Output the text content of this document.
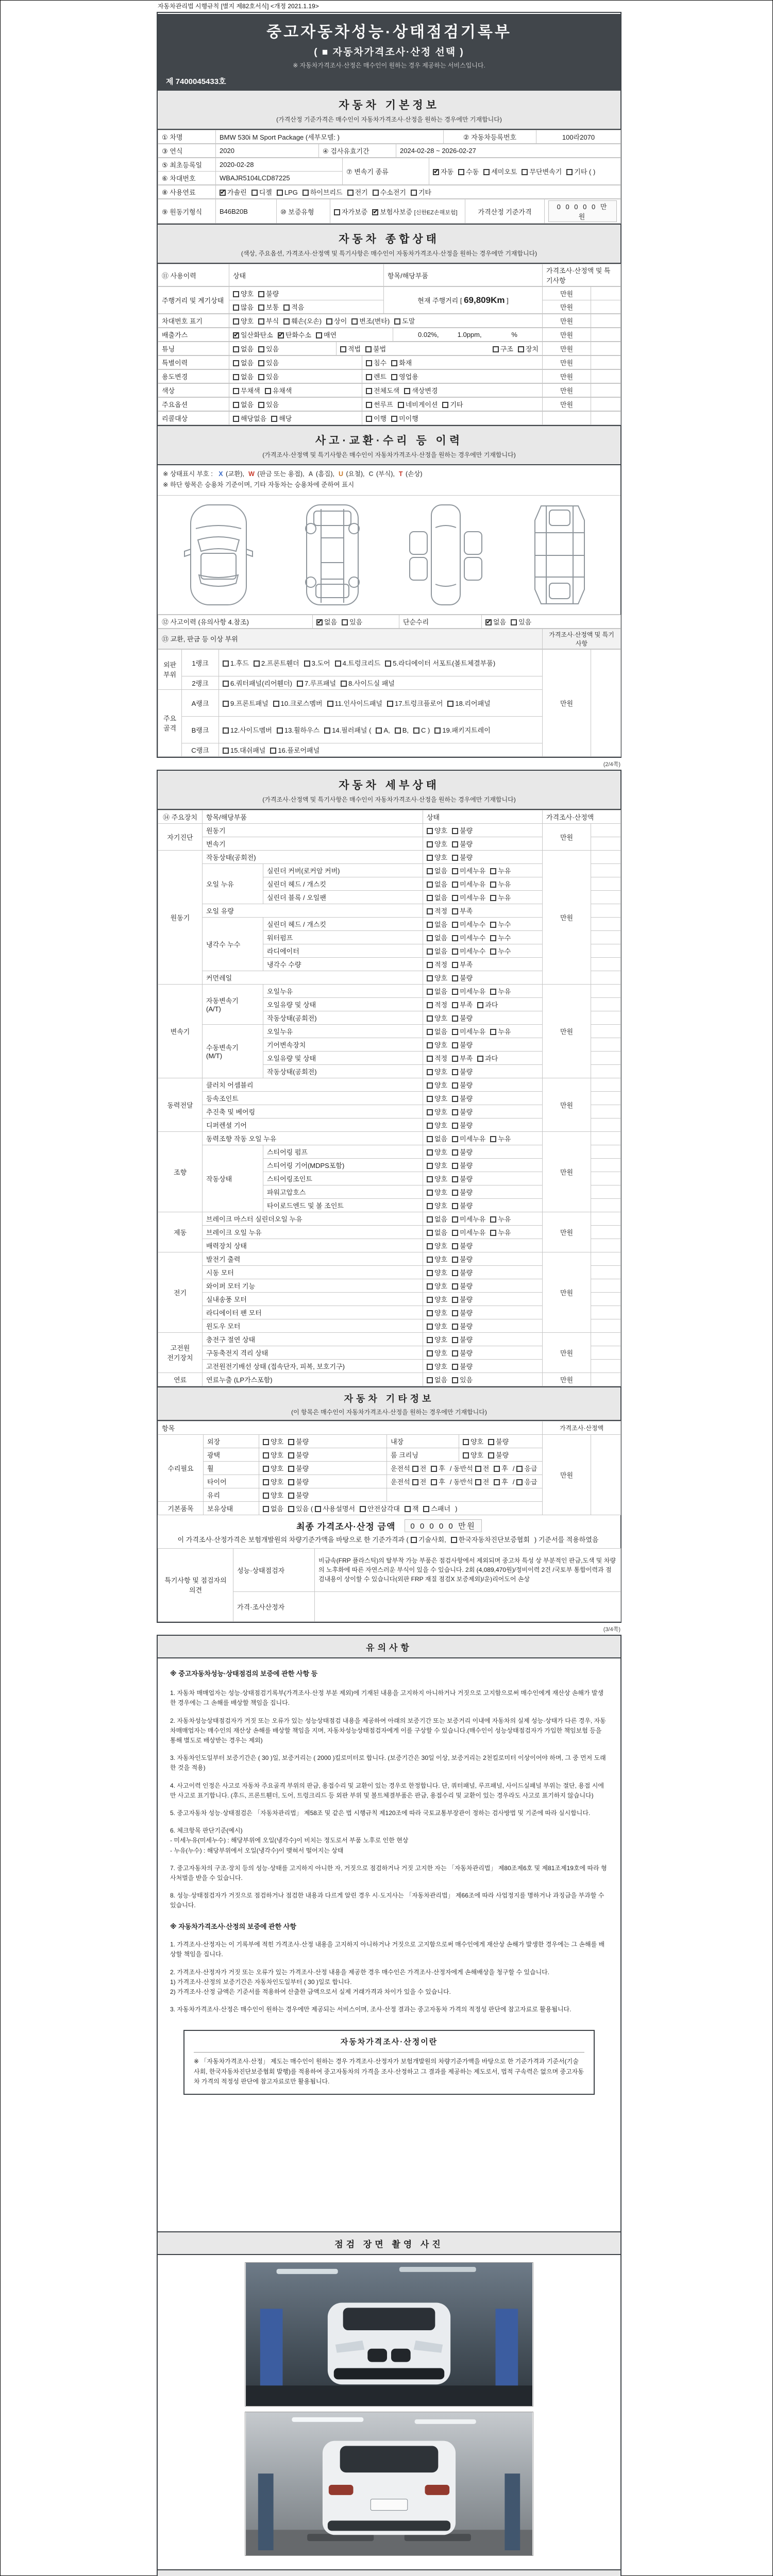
자동차관리법 시행규칙 [별지 제82호서식] <개정 2021.1.19>
중고자동차성능·상태점검기록부
( ■ 자동차가격조사·산정 선택 )
※ 자동차가격조사·산정은 매수인이 원하는 경우 제공하는 서비스입니다.
제 7400045433호
자동차 기본정보
(가격산정 기준가격은 매수인이 자동차가격조사·산정을 원하는 경우에만 기재합니다)
① 차명	BMW 530i M Sport Package (세부모델: )	② 자동차등록번호	100라2070
③ 연식	2020	④ 검사유효기간	2024-02-28 ~ 2026-02-27
⑤ 최초등록일	2020-02-28	⑦ 변속기 종류	✔자동 수동 세미오토 무단변속기 기타 ( )
⑥ 차대번호	WBAJR5104LCD87225		
⑧ 사용연료	✔가솔린 디젤 LPG 하이브리드 전기 수소전기 기타
⑨ 원동기형식	B46B20B	⑩ 보증유형	자가보증 ✔ 보험사보증 [신한EZ손해보험]	가격산정 기준가격	0 0 0 0 0 만원
자동차 종합상태
(색상, 주요옵션, 가격조사·산정액 및 특기사항은 매수인이 자동차가격조사·산정을 원하는 경우에만 기재합니다)
⑪ 사용이력	상태	항목/해당부품	가격조사·산정액 및 특기사항
주행거리 및 계기상태	양호 불량	현재 주행거리 [ 69,809Km ]	만원	
	많음 보통 적음		만원	
차대번호 표기	양호 부식 훼손(오손) 상이 변조(변타) 도말	만원	
배출가스	✔일산화탄소 ✔ 탄화수소 매연	0.02%,          1.0ppm,                %	만원	
튜닝	없음 있음	적법 불법	구조 장치	만원	
특별이력	없음 있음	침수 화재	만원	
용도변경	없음 있음	렌트 영업용	만원	
색상	무채색 유채색	전체도색 색상변경	만원	
주요옵션	없음 있음	썬루프 네비게이션 기타	만원	
리콜대상	해당없음 해당	이행 미이행		
사고·교환·수리 등 이력
(가격조사·산정액 및 특기사항은 매수인이 자동차가격조사·산정을 원하는 경우에만 기재합니다)
※ 상태표시 부호 : X (교환), W (판금 또는 용접), A (흠집), U (요철), C (부식), T (손상)
※ 하단 항목은 승용차 기준이며, 기타 자동차는 승용차에 준하여 표시
⑫ 사고이력 (유의사항 4.참조)	✔없음 있음	단순수리	✔없음 있음
⑬ 교환, 판금 등 이상 부위	가격조사·산정액 및 특기사항
외판
부위	1랭크	1.후드 2.프론트휀더 3.도어 4.트렁크리드 5.라디에이터 서포트(볼트체결부품)	만원	
	2랭크	6.쿼터패널(리어휀더) 7.루프패널 8.사이드실 패널		
주요
골격	A랭크	9.프론트패널 10.크로스멤버 11.인사이드패널 17.트렁크플로어 18.리어패널		
	B랭크	12.사이드멤버 13.휠하우스 14.필러패널 ( A, B, C ) 19.패키지트레이		
	C랭크	15.대쉬패널 16.플로어패널		
(2/4쪽)
자동차 세부상태
(가격조사·산정액 및 특기사항은 매수인이 자동차가격조사·산정을 원하는 경우에만 기재합니다)
⑭ 주요장치	항목/해당부품		상태	가격조사·산정액	
자기진단	원동기		양호 불량	만원	
	변속기		양호 불량		
원동기	작동상태(공회전)		양호 불량	만원	
	오일 누유	실린더 커버(로커암 커버)	없음 미세누유 누유		
		실린더 헤드 / 개스킷	없음 미세누유 누유		
		실린더 블록 / 오일팬	없음 미세누유 누유		
	오일 유량		적정 부족		
	냉각수 누수	실린더 헤드 / 개스킷	없음 미세누수 누수		
		워터펌프	없음 미세누수 누수		
		라디에이터	없음 미세누수 누수		
		냉각수 수량	적정 부족		
	커먼레일		양호 불량		
변속기	자동변속기
(A/T)	오일누유	없음 미세누유 누유	만원	
		오일유량 및 상태	적정 부족 과다		
		작동상태(공회전)	양호 불량		
	수동변속기
(M/T)	오일누유	없음 미세누유 누유		
		기어변속장치	양호 불량		
		오일유량 및 상태	적정 부족 과다		
		작동상태(공회전)	양호 불량		
동력전달	클러치 어셈블리		양호 불량	만원	
	등속조인트		양호 불량		
	추진축 및 베어링		양호 불량		
	디퍼렌셜 기어		양호 불량		
조향	동력조향 작동 오일 누유		없음 미세누유 누유	만원	
	작동상태	스티어링 펌프	양호 불량		
		스티어링 기어(MDPS포함)	양호 불량		
		스티어링조인트	양호 불량		
		파워고압호스	양호 불량		
		타이로드엔드 및 볼 조인트	양호 불량		
제동	브레이크 마스터 실린더오일 누유		없음 미세누유 누유	만원	
	브레이크 오일 누유		없음 미세누유 누유		
	배력장치 상태		양호 불량		
전기	발전기 출력		양호 불량	만원	
	시동 모터		양호 불량		
	와이퍼 모터 기능		양호 불량		
	실내송풍 모터		양호 불량		
	라디에이터 팬 모터		양호 불량		
	윈도우 모터		양호 불량		
고전원
전기장치	충전구 절연 상태		양호 불량	만원	
	구동축전지 격리 상태		양호 불량		
	고전원전기배선 상태 (접속단자, 피복, 보호기구)		양호 불량		
연료	연료누출 (LP가스포함)		없음 있음	만원	
자동차 기타정보
(이 항목은 매수인이 자동차가격조사·산정을 원하는 경우에만 기재합니다)
항목					가격조사·산정액	
수리필요	외장	양호 불량	내장	양호 불량	만원	
	광택	양호 불량	룸 크리닝	양호 불량		
	휠	양호 불량	운전석 전 후 / 동반석 전 후 / 응급			
	타이어	양호 불량	운전석 전 후 / 동반석 전 후 / 응급			
	유리	양호 불량				
기본품목	보유상태	없음 있음 ( 사용설명서 안전삼각대 잭 스패너 )				
최종 가격조사·산정 금액	0 0 0 0 0 만원
이 가격조사·산정가격은 보험개발원의 차량기준가액을 바탕으로 한 기준가격과 ( 기술사회, 한국자동차진단보증협회 ) 기준서를 적용하였음
특기사항 및 점검자의 의견	성능·상태점검자	비금속(FRP 플라스틱)의 탈부착 가능 부품은 점검사항에서 제외되며 중고차 특성 상 부분적인 판금,도색 및 차량의 노후화에 따른 자연스러운 부식이 있을 수 있습니다. 2회 (4,089,470원)/정비이력 2건 /국토부 통합이력과 점검내용이 상이할 수 있습니다(외판 FRP 재질 점검X 보증제외)/운)리어도어 손상
	가격·조사산정자	
(3/4쪽)
유의사항
※ 중고자동차성능·상태점검의 보증에 관한 사항 등
1. 자동차 매매업자는 성능·상태점검기록부(가격조사·산정 부분 제외)에 기재된 내용을 고지하지 아니하거나 거짓으로 고지함으로써 매수인에게 재산상 손해가 발생한 경우에는 그 손해를 배상할 책임을 집니다.
2. 자동차성능상태점검자가 거짓 또는 오류가 있는 성능상태점검 내용을 제공하여 아래의 보증기간 또는 보증거리 이내에 자동차의 실제 성능·상태가 다른 경우, 자동차매매업자는 매수인의 재산상 손해를 배상할 책임을 지며, 자동차성능상태점검자에게 이를 구상할 수 있습니다.(매수인이 성능상태점검자가 가입한 책임보험 등을 통해 별도로 배상받는 경우는 제외)
3. 자동차인도일부터 보증기간은 ( 30 )일, 보증거리는 ( 2000 )킬로미터로 합니다. (보증기간은 30일 이상, 보증거리는 2천킬로미터 이상이어야 하며, 그 중 먼저 도래한 것을 적용)
4. 사고이력 인정은 사고로 자동차 주요골격 부위의 판금, 용접수리 및 교환이 있는 경우로 한정합니다. 단, 쿼터패널, 루프패널, 사이드실패널 부위는 절단, 용접 시에만 사고로 표기합니다. (후드, 프론트휀더, 도어, 트렁크리드 등 외판 부위 및 볼트체결부품은 판금, 용접수리 및 교환이 있는 경우라도 사고로 표기하지 않습니다)
5. 중고자동차 성능·상태점검은 「자동차관리법」 제58조 및 같은 법 시행규칙 제120조에 따라 국토교통부장관이 정하는 검사방법 및 기준에 따라 실시합니다.
6. 체크항목 판단기준(예시)
- 미세누유(미세누수) : 해당부위에 오일(냉각수)이 비치는 정도로서 부품 노후로 인한 현상
- 누유(누수) : 해당부위에서 오일(냉각수)이 맺혀서 떨어지는 상태
7. 중고자동차의 구조·장치 등의 성능·상태를 고지하지 아니한 자, 거짓으로 점검하거나 거짓 고지한 자는 「자동차관리법」 제80조제6호 및 제81조제19호에 따라 형사처벌을 받을 수 있습니다.
8. 성능·상태점검자가 거짓으로 점검하거나 점검한 내용과 다르게 알린 경우 시·도지사는 「자동차관리법」 제66조에 따라 사업정지를 명하거나 과징금을 부과할 수 있습니다.
※ 자동차가격조사·산정의 보증에 관한 사항
1. 가격조사·산정자는 이 기록부에 적힌 가격조사·산정 내용을 고지하지 아니하거나 거짓으로 고지함으로써 매수인에게 재산상 손해가 발생한 경우에는 그 손해를 배상할 책임을 집니다.
2. 가격조사·산정자가 거짓 또는 오류가 있는 가격조사·산정 내용을 제공한 경우 매수인은 가격조사·산정자에게 손해배상을 청구할 수 있습니다.
1) 가격조사·산정의 보증기간은 자동차인도일부터 ( 30 )일로 합니다.
2) 가격조사·산정 금액은 기준서를 적용하여 산출한 금액으로서 실제 거래가격과 차이가 있을 수 있습니다.
3. 자동차가격조사·산정은 매수인이 원하는 경우에만 제공되는 서비스이며, 조사·산정 결과는 중고자동차 가격의 적정성 판단에 참고자료로 활용됩니다.
자동차가격조사·산정이란
※ 「자동차가격조사·산정」 제도는 매수인이 원하는 경우 가격조사·산정자가 보험개발원의 차량기준가액을 바탕으로 한 기준가격과 기준서(기술사회, 한국자동차진단보증협회 발행)를 적용하여 중고자동차의 가격을 조사·산정하고 그 결과를 제공하는 제도로서, 법적 구속력은 없으며 중고자동차 가격의 적정성 판단에 참고자료로만 활용됩니다.
점검 장면 촬영 사진
